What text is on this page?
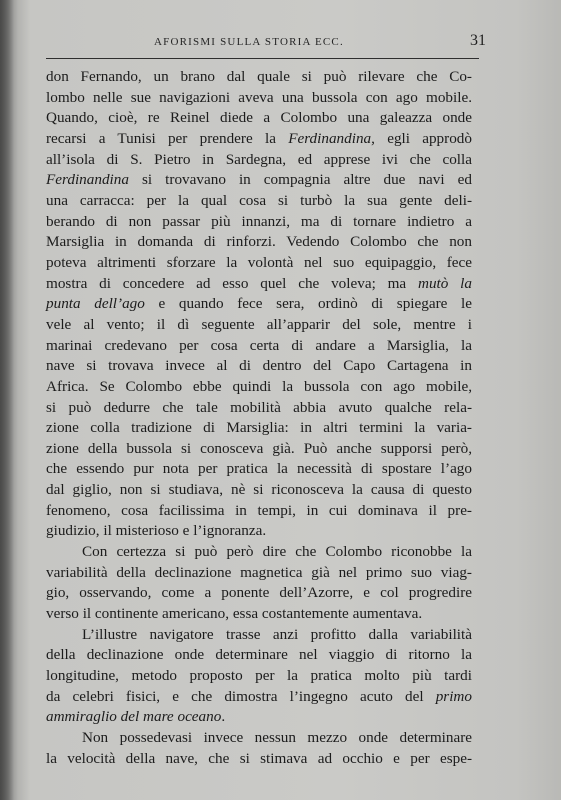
AFORISMI SULLA STORIA ECC.	31
don Fernando, un brano dal quale si può rilevare che Co-
lombo nelle sue navigazioni aveva una bussola con ago mobile.
Quando, cioè, re Reinel diede a Colombo una galeazza onde
recarsi a Tunisi per prendere la Ferdinandina, egli approdò
all’isola di S. Pietro in Sardegna, ed apprese ivi che colla
Ferdinandina si trovavano in compagnia altre due navi ed
una carracca: per la qual cosa si turbò la sua gente deli-
berando di non passar più innanzi, ma di tornare indietro a
Marsiglia in domanda di rinforzi. Vedendo Colombo che non
poteva altrimenti sforzare la volontà nel suo equipaggio, fece
mostra di concedere ad esso quel che voleva; ma mutò la
punta dell’ago e quando fece sera, ordinò di spiegare le
vele al vento; il dì seguente all’apparir del sole, mentre i
marinai credevano per cosa certa di andare a Marsiglia, la
nave si trovava invece al di dentro del Capo Cartagena in
Africa. Se Colombo ebbe quindi la bussola con ago mobile,
si può dedurre che tale mobilità abbia avuto qualche rela-
zione colla tradizione di Marsiglia: in altri termini la varia-
zione della bussola si conosceva già. Può anche supporsi però,
che essendo pur nota per pratica la necessità di spostare l’ago
dal giglio, non si studiava, nè si riconosceva la causa di questo
fenomeno, cosa facilissima in tempi, in cui dominava il pre-
giudizio, il misterioso e l’ignoranza.
Con certezza si può però dire che Colombo riconobbe la
variabilità della declinazione magnetica già nel primo suo viag-
gio, osservando, come a ponente dell’Azorre, e col progredire
verso il continente americano, essa costantemente aumentava.
L’illustre navigatore trasse anzi profitto dalla variabilità
della declinazione onde determinare nel viaggio di ritorno la
longitudine, metodo proposto per la pratica molto più tardi
da celebri fisici, e che dimostra l’ingegno acuto del primo
ammiraglio del mare oceano.
Non possedevasi invece nessun mezzo onde determinare
la velocità della nave, che si stimava ad occhio e per espe-
